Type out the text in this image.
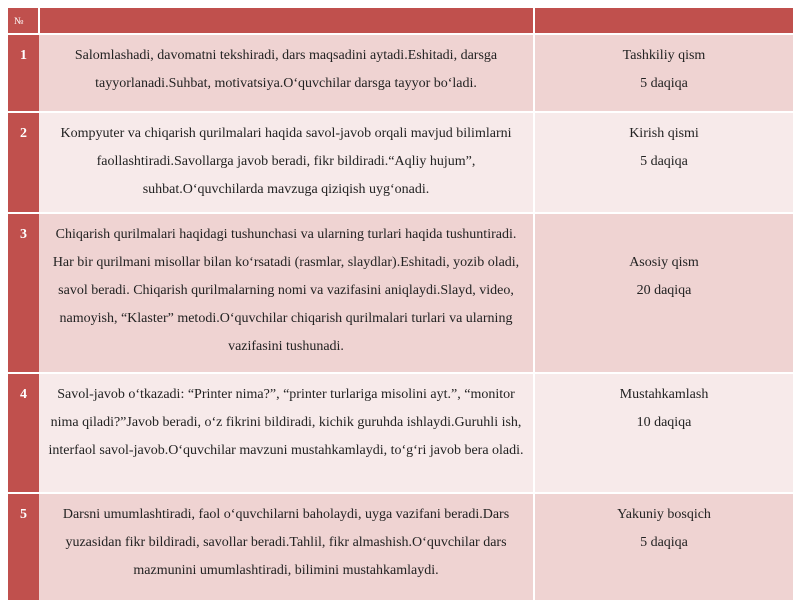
№		
1	Salomlashadi, davomatni tekshiradi, dars maqsadini aytadi.Eshitadi, darsga tayyorlanadi.Suhbat, motivatsiya.O‘quvchilar darsga tayyor bo‘ladi.	Tashkiliy qism
5 daqiqa

2	Kompyuter va chiqarish qurilmalari haqida savol-javob orqali mavjud bilimlarni faollashtiradi.Savollarga javob beradi, fikr bildiradi.“Aqliy hujum”, suhbat.O‘quvchilarda mavzuga qiziqish uyg‘onadi.	Kirish qismi
5 daqiqa

3	Chiqarish qurilmalari haqidagi tushunchasi va ularning turlari haqida tushuntiradi. Har bir qurilmani misollar bilan ko‘rsatadi (rasmlar, slaydlar).Eshitadi, yozib oladi, savol beradi. Chiqarish qurilmalarning nomi va vazifasini aniqlaydi.Slayd, video, namoyish, “Klaster” metodi.O‘quvchilar chiqarish qurilmalari turlari va ularning vazifasini tushunadi.	Asosiy qism
20 daqiqa

4	Savol-javob o‘tkazadi: “Printer nima?”, “printer turlariga misolini ayt.”, “monitor nima qiladi?”Javob beradi, o‘z fikrini bildiradi, kichik guruhda ishlaydi.Guruhli ish, interfaol savol-javob.O‘quvchilar mavzuni mustahkamlaydi, to‘g‘ri javob bera oladi.	Mustahkamlash
10 daqiqa

5	Darsni umumlashtiradi, faol o‘quvchilarni baholaydi, uyga vazifani beradi.Dars yuzasidan fikr bildiradi, savollar beradi.Tahlil, fikr almashish.O‘quvchilar dars mazmunini umumlashtiradi, bilimini mustahkamlaydi.	Yakuniy bosqich
5 daqiqa
